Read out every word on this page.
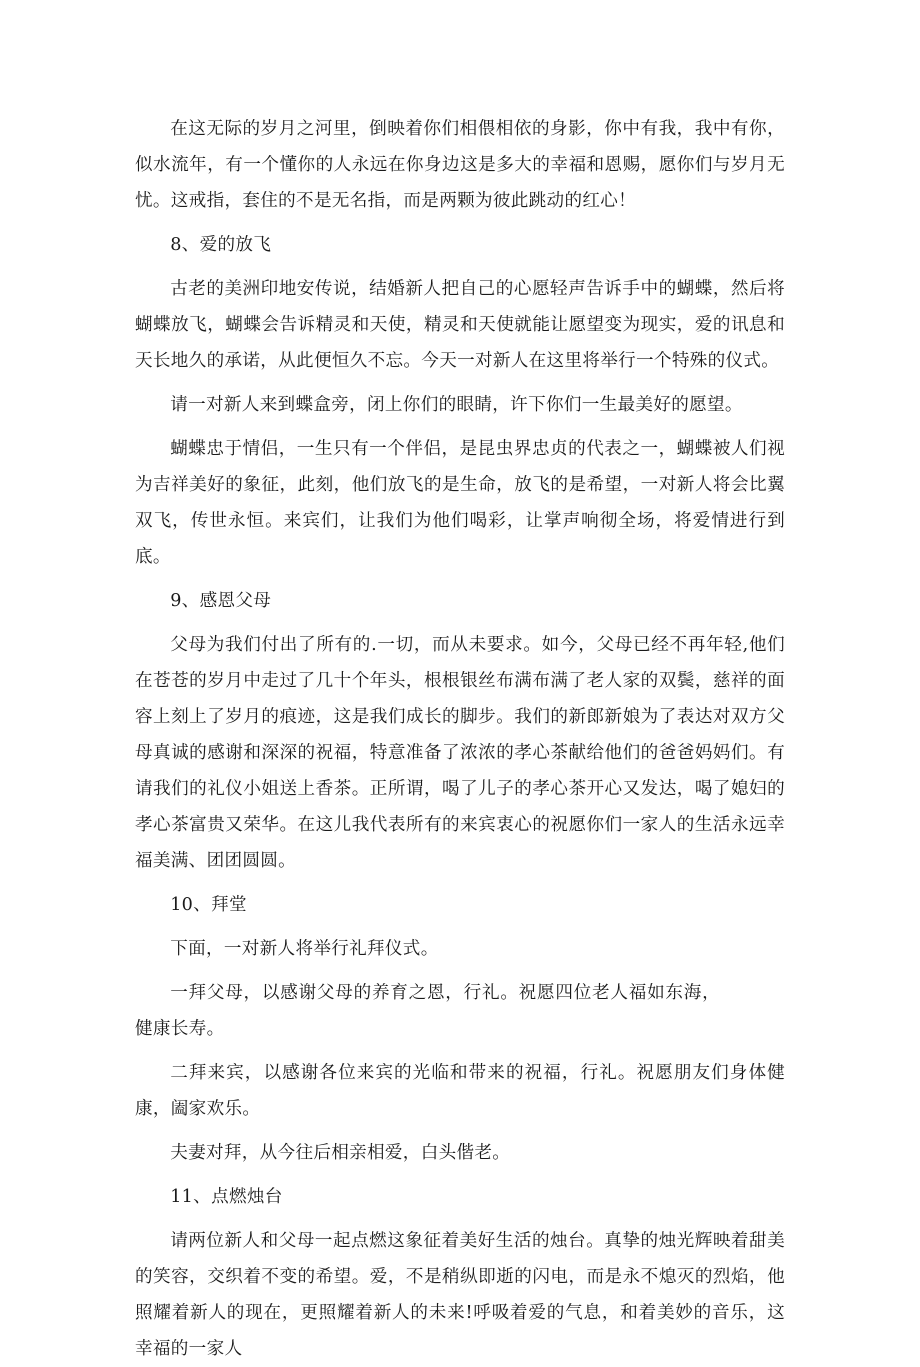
在这无际的岁月之河里，倒映着你们相偎相依的身影，你中有我，我中有你，似水流年，有一个懂你的人永远在你身边这是多大的幸福和恩赐，愿你们与岁月无忧。这戒指，套住的不是无名指，而是两颗为彼此跳动的红心！

8、爱的放飞

古老的美洲印地安传说，结婚新人把自己的心愿轻声告诉手中的蝴蝶，然后将蝴蝶放飞，蝴蝶会告诉精灵和天使，精灵和天使就能让愿望变为现实，爱的讯息和天长地久的承诺，从此便恒久不忘。今天一对新人在这里将举行一个特殊的仪式。

请一对新人来到蝶盒旁，闭上你们的眼睛，许下你们一生最美好的愿望。

蝴蝶忠于情侣，一生只有一个伴侣，是昆虫界忠贞的代表之一，蝴蝶被人们视为吉祥美好的象征，此刻，他们放飞的是生命，放飞的是希望，一对新人将会比翼双飞，传世永恒。来宾们，让我们为他们喝彩，让掌声响彻全场，将爱情进行到底。

9、感恩父母

父母为我们付出了所有的.一切，而从未要求。如今，父母已经不再年轻,他们在苍苍的岁月中走过了几十个年头，根根银丝布满布满了老人家的双鬓，慈祥的面容上刻上了岁月的痕迹，这是我们成长的脚步。我们的新郎新娘为了表达对双方父母真诚的感谢和深深的祝福，特意准备了浓浓的孝心茶献给他们的爸爸妈妈们。有请我们的礼仪小姐送上香茶。正所谓，喝了儿子的孝心茶开心又发达，喝了媳妇的孝心茶富贵又荣华。在这儿我代表所有的来宾衷心的祝愿你们一家人的生活永远幸福美满、团团圆圆。

10、拜堂

下面，一对新人将举行礼拜仪式。

一拜父母，以感谢父母的养育之恩，行礼。祝愿四位老人福如东海，健康长寿。

二拜来宾，以感谢各位来宾的光临和带来的祝福，行礼。祝愿朋友们身体健康，阖家欢乐。

夫妻对拜，从今往后相亲相爱，白头偕老。

11、点燃烛台

请两位新人和父母一起点燃这象征着美好生活的烛台。真挚的烛光辉映着甜美的笑容，交织着不变的希望。爱，不是稍纵即逝的闪电，而是永不熄灭的烈焰，他照耀着新人的现在，更照耀着新人的未来!呼吸着爱的气息，和着美妙的音乐，这幸福的一家人
